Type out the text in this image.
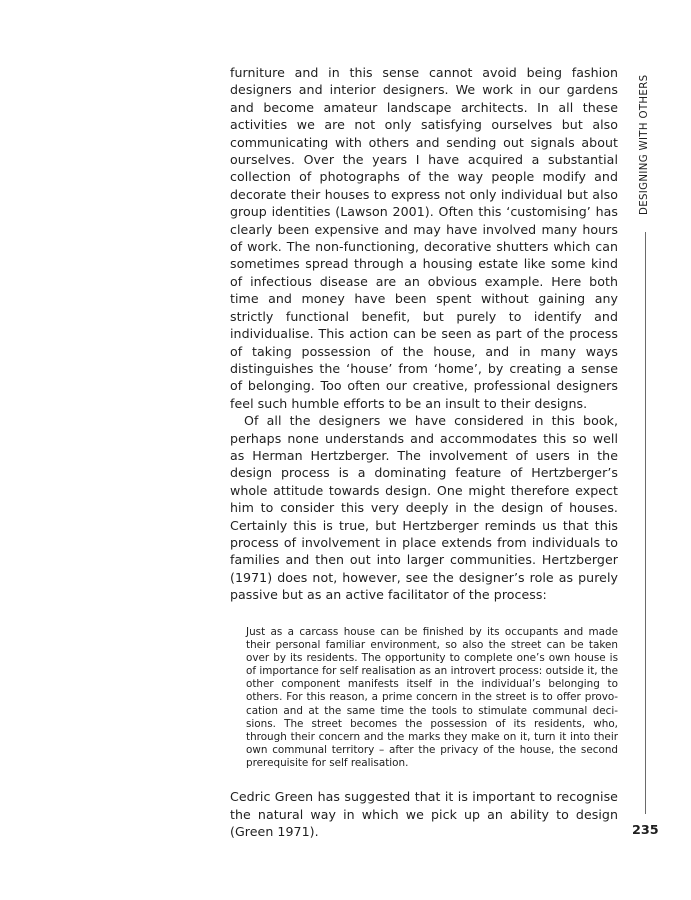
furniture and in this sense cannot avoid being fashion designers and interior designers. We work in our gardens and become amateur landscape architects. In all these activities we are not only satisfying ourselves but also communicating with others and sending out signals about ourselves. Over the years I have acquired a substantial collection of photographs of the way people modify and decorate their houses to express not only individual but also group identities (Lawson 2001). Often this ‘customising’ has clearly been expensive and may have involved many hours of work. The non-functioning, decorative shutters which can sometimes spread through a housing estate like some kind of infectious disease are an obvious example. Here both time and money have been spent without gaining any strictly functional benefit, but purely to identify and individualise. This action can be seen as part of the process of taking possession of the house, and in many ways distinguishes the ‘house’ from ‘home’, by creating a sense of belonging. Too often our creative, professional designers feel such humble efforts to be an insult to their designs.

Of all the designers we have considered in this book, perhaps none understands and accommodates this so well as Herman Hertzberger. The involvement of users in the design process is a dominating feature of Hertzberger’s whole attitude towards design. One might therefore expect him to consider this very deeply in the design of houses. Certainly this is true, but Hertzberger reminds us that this process of involvement in place extends from individuals to families and then out into larger communities. Hertzberger (1971) does not, however, see the designer’s role as purely passive but as an active facilitator of the process:

Just as a carcass house can be finished by its occupants and made their personal familiar environment, so also the street can be taken over by its residents. The opportunity to complete one’s own house is of importance for self realisation as an introvert process: outside it, the other component manifests itself in the individual’s belonging to others. For this reason, a prime concern in the street is to offer provocation and at the same time the tools to stimulate communal decisions. The street becomes the possession of its residents, who, through their concern and the marks they make on it, turn it into their own communal territory – after the privacy of the house, the second prerequisite for self realisation.

Cedric Green has suggested that it is important to recognise the natural way in which we pick up an ability to design (Green 1971).

DESIGNING WITH OTHERS
235
